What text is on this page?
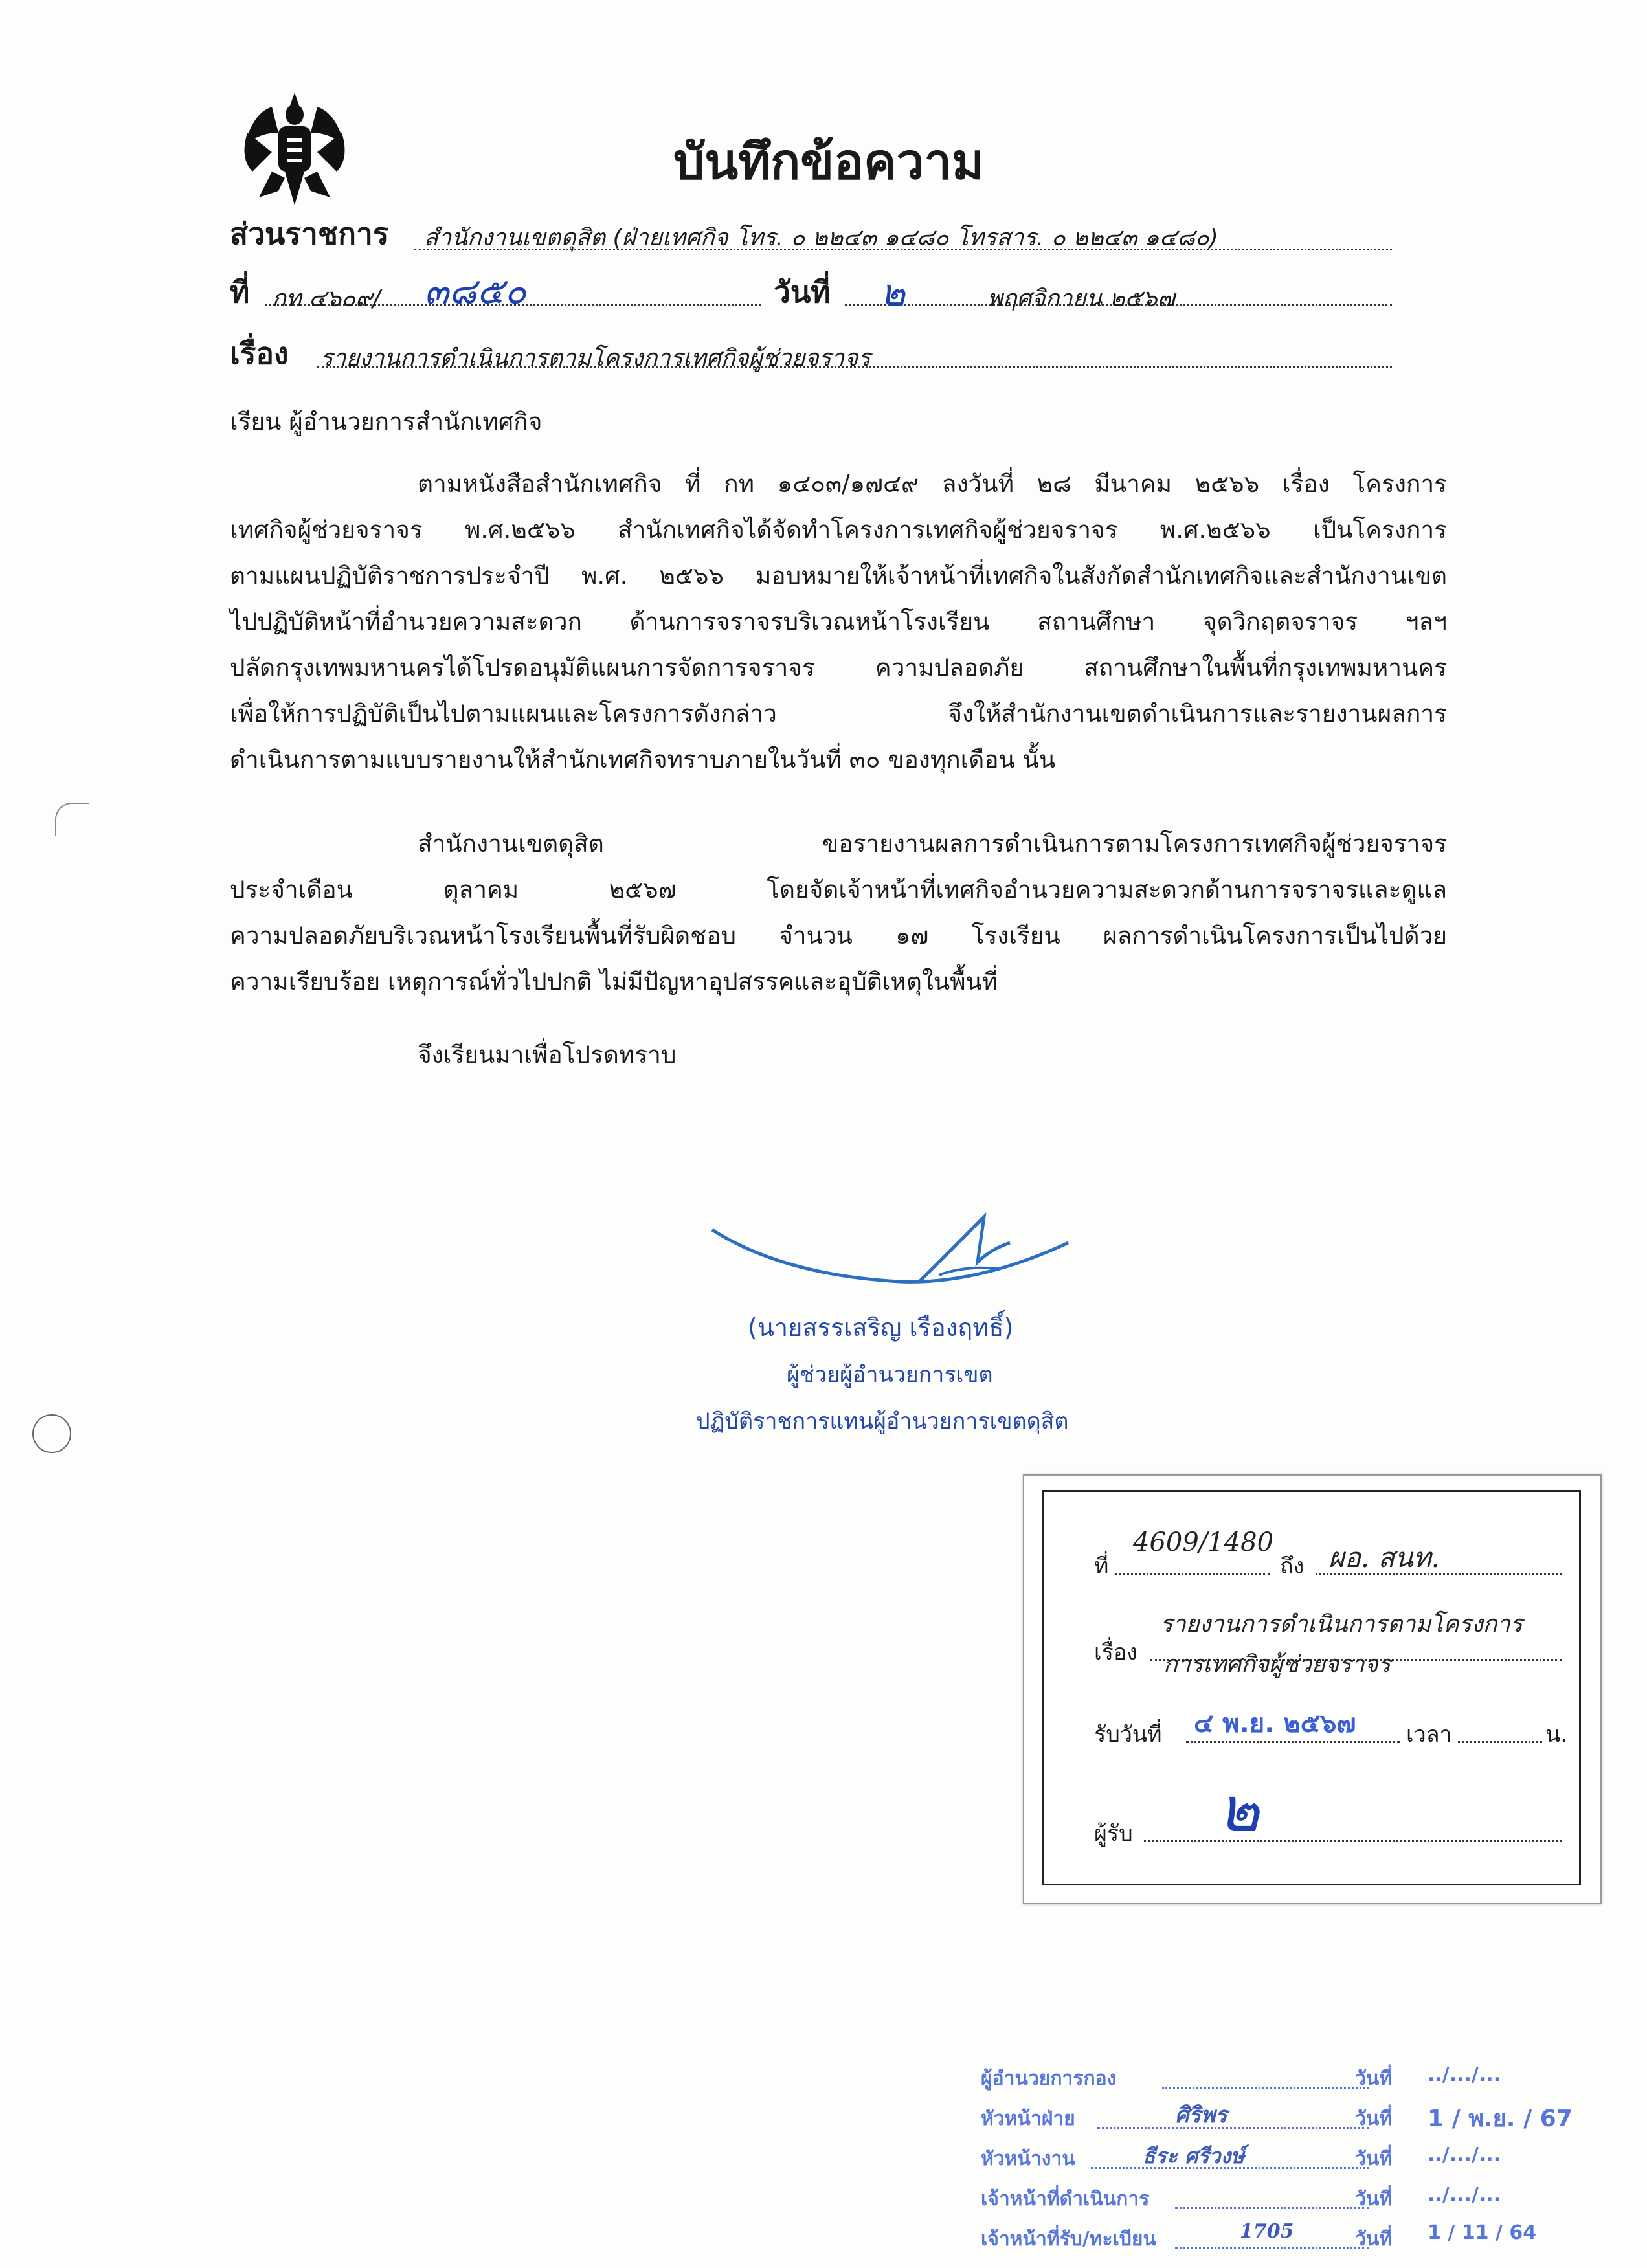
บันทึกข้อความ
ส่วนราชการ สำนักงานเขตดุสิต (ฝ่ายเทศกิจ โทร. ๐ ๒๒๔๓ ๑๔๘๐ โทรสาร. ๐ ๒๒๔๓ ๑๔๘๐)
ที่ กท ๔๖๐๙/ ๓๘๕๐	วันที่ ๒	พฤศจิกายน ๒๕๖๗
เรื่อง รายงานการดำเนินการตามโครงการเทศกิจผู้ช่วยจราจร
เรียน ผู้อำนวยการสำนักเทศกิจ
ตามหนังสือสำนักเทศกิจ ที่ กท ๑๔๐๓/๑๗๔๙ ลงวันที่ ๒๘ มีนาคม ๒๕๖๖ เรื่อง โครงการ
เทศกิจผู้ช่วยจราจร พ.ศ.๒๕๖๖ สำนักเทศกิจได้จัดทำโครงการเทศกิจผู้ช่วยจราจร พ.ศ.๒๕๖๖ เป็นโครงการ
ตามแผนปฏิบัติราชการประจำปี พ.ศ. ๒๕๖๖ มอบหมายให้เจ้าหน้าที่เทศกิจในสังกัดสำนักเทศกิจและสำนักงานเขต
ไปปฏิบัติหน้าที่อำนวยความสะดวก ด้านการจราจรบริเวณหน้าโรงเรียน สถานศึกษา จุดวิกฤตจราจร ฯลฯ
ปลัดกรุงเทพมหานครได้โปรดอนุมัติแผนการจัดการจราจร ความปลอดภัย สถานศึกษาในพื้นที่กรุงเทพมหานคร
เพื่อให้การปฏิบัติเป็นไปตามแผนและโครงการดังกล่าว จึงให้สำนักงานเขตดำเนินการและรายงานผลการ
ดำเนินการตามแบบรายงานให้สำนักเทศกิจทราบภายในวันที่ ๓๐ ของทุกเดือน นั้น
สำนักงานเขตดุสิต ขอรายงานผลการดำเนินการตามโครงการเทศกิจผู้ช่วยจราจร
ประจำเดือน ตุลาคม ๒๕๖๗ โดยจัดเจ้าหน้าที่เทศกิจอำนวยความสะดวกด้านการจราจรและดูแล
ความปลอดภัยบริเวณหน้าโรงเรียนพื้นที่รับผิดชอบ จำนวน ๑๗ โรงเรียน ผลการดำเนินโครงการเป็นไปด้วย
ความเรียบร้อย เหตุการณ์ทั่วไปปกติ ไม่มีปัญหาอุปสรรคและอุบัติเหตุในพื้นที่
จึงเรียนมาเพื่อโปรดทราบ
(นายสรรเสริญ เรืองฤทธิ์)
ผู้ช่วยผู้อำนวยการเขต
ปฏิบัติราชการแทนผู้อำนวยการเขตดุสิต
ที่
4609/1480
ถึง ผอ. สนท.
เรื่อง
รายงานการดำเนินการตามโครงการ
การเทศกิจผู้ช่วยจราจร
รับวันที่ ๔ พ.ย. ๒๕๖๗ เวลา	น.
ผู้รับ ๒
ผู้อำนวยการกอง	วันที่ ../.../...
หัวหน้าฝ่าย	ศิริพร	วันที่ 1 / พ.ย. / 67
หัวหน้างาน	ธีระ ศรีวงษ์	วันที่ ../.../...
เจ้าหน้าที่ดำเนินการ	วันที่ ../.../...
เจ้าหน้าที่รับ/ทะเบียน	1705	วันที่ 1 / 11 / 64
